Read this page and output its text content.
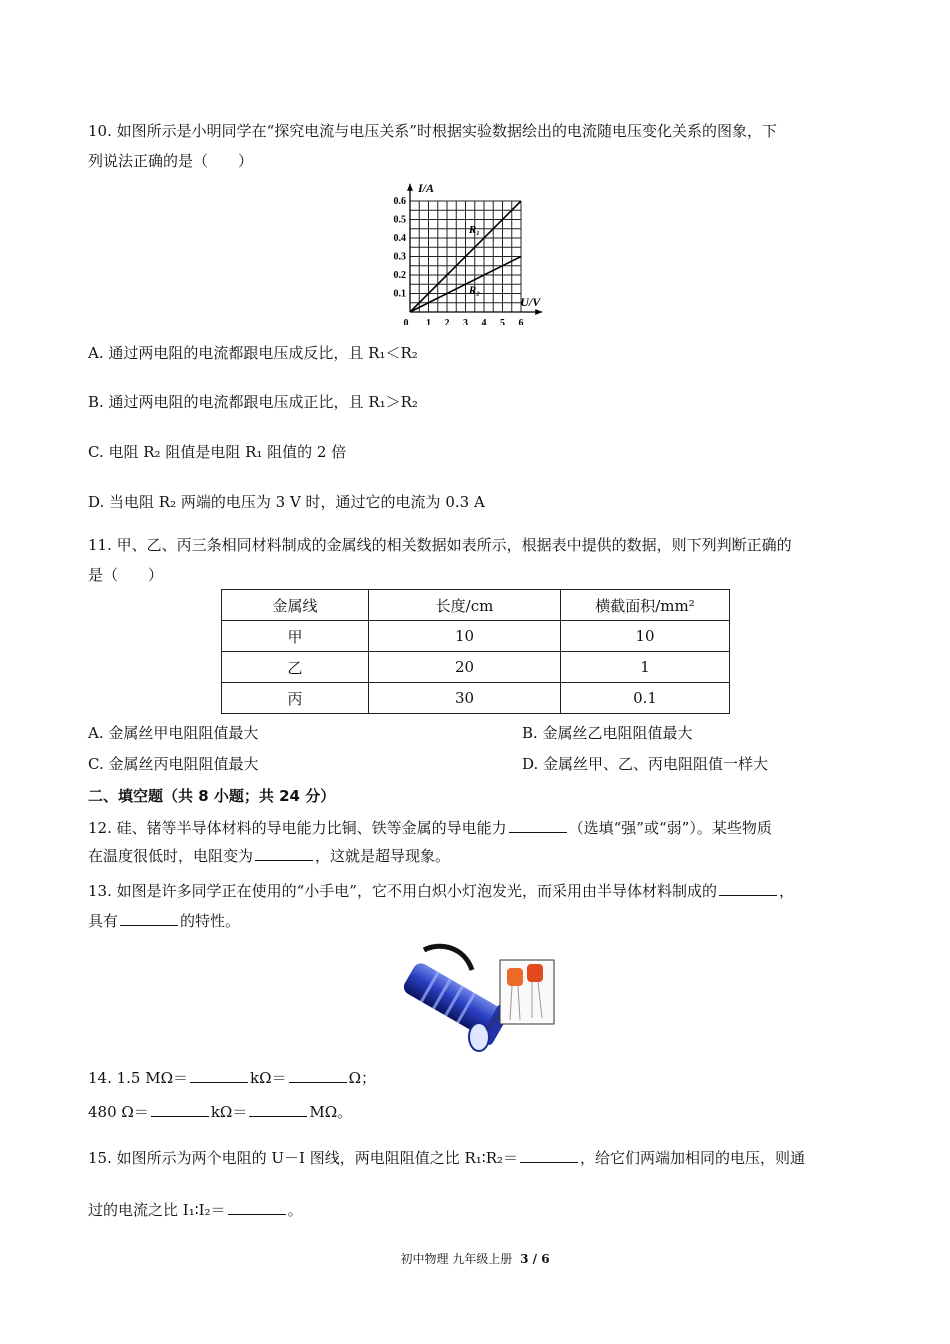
10. 如图所示是小明同学在“探究电流与电压关系”时根据实验数据绘出的电流随电压变化关系的图象，下
列说法正确的是（　　）
I/A
U/V
0 1 2 3 4 5 6
0.1
0.2
0.3
0.4
0.5
0.6
R₁
R₂
A. 通过两电阻的电流都跟电压成反比，且 R₁＜R₂
B. 通过两电阻的电流都跟电压成正比，且 R₁＞R₂
C. 电阻 R₂ 阻值是电阻 R₁ 阻值的 2 倍
D. 当电阻 R₂ 两端的电压为 3 V 时，通过它的电流为 0.3 A
11. 甲、乙、丙三条相同材料制成的金属线的相关数据如表所示，根据表中提供的数据，则下列判断正确的
是（　　）
金属线	长度/cm	横截面积/mm²
甲	10	10
乙	20	1
丙	30	0.1
A. 金属丝甲电阻阻值最大	B. 金属丝乙电阻阻值最大
C. 金属丝丙电阻阻值最大	D. 金属丝甲、乙、丙电阻阻值一样大
二、填空题（共 8 小题；共 24 分）
12. 硅、锗等半导体材料的导电能力比铜、铁等金属的导电能力	（选填“强”或“弱”）。某些物质
在温度很低时，电阻变为	，这就是超导现象。
13. 如图是许多同学正在使用的“小手电”，它不用白炽小灯泡发光，而采用由半导体材料制成的	，
具有	的特性。
14. 1.5 MΩ＝	kΩ＝	Ω；
480 Ω＝	kΩ＝	MΩ。
15. 如图所示为两个电阻的 U－I 图线，两电阻阻值之比 R₁∶R₂＝	，给它们两端加相同的电压，则通
过的电流之比 I₁∶I₂＝	。
初中物理 九年级上册 3 / 6
